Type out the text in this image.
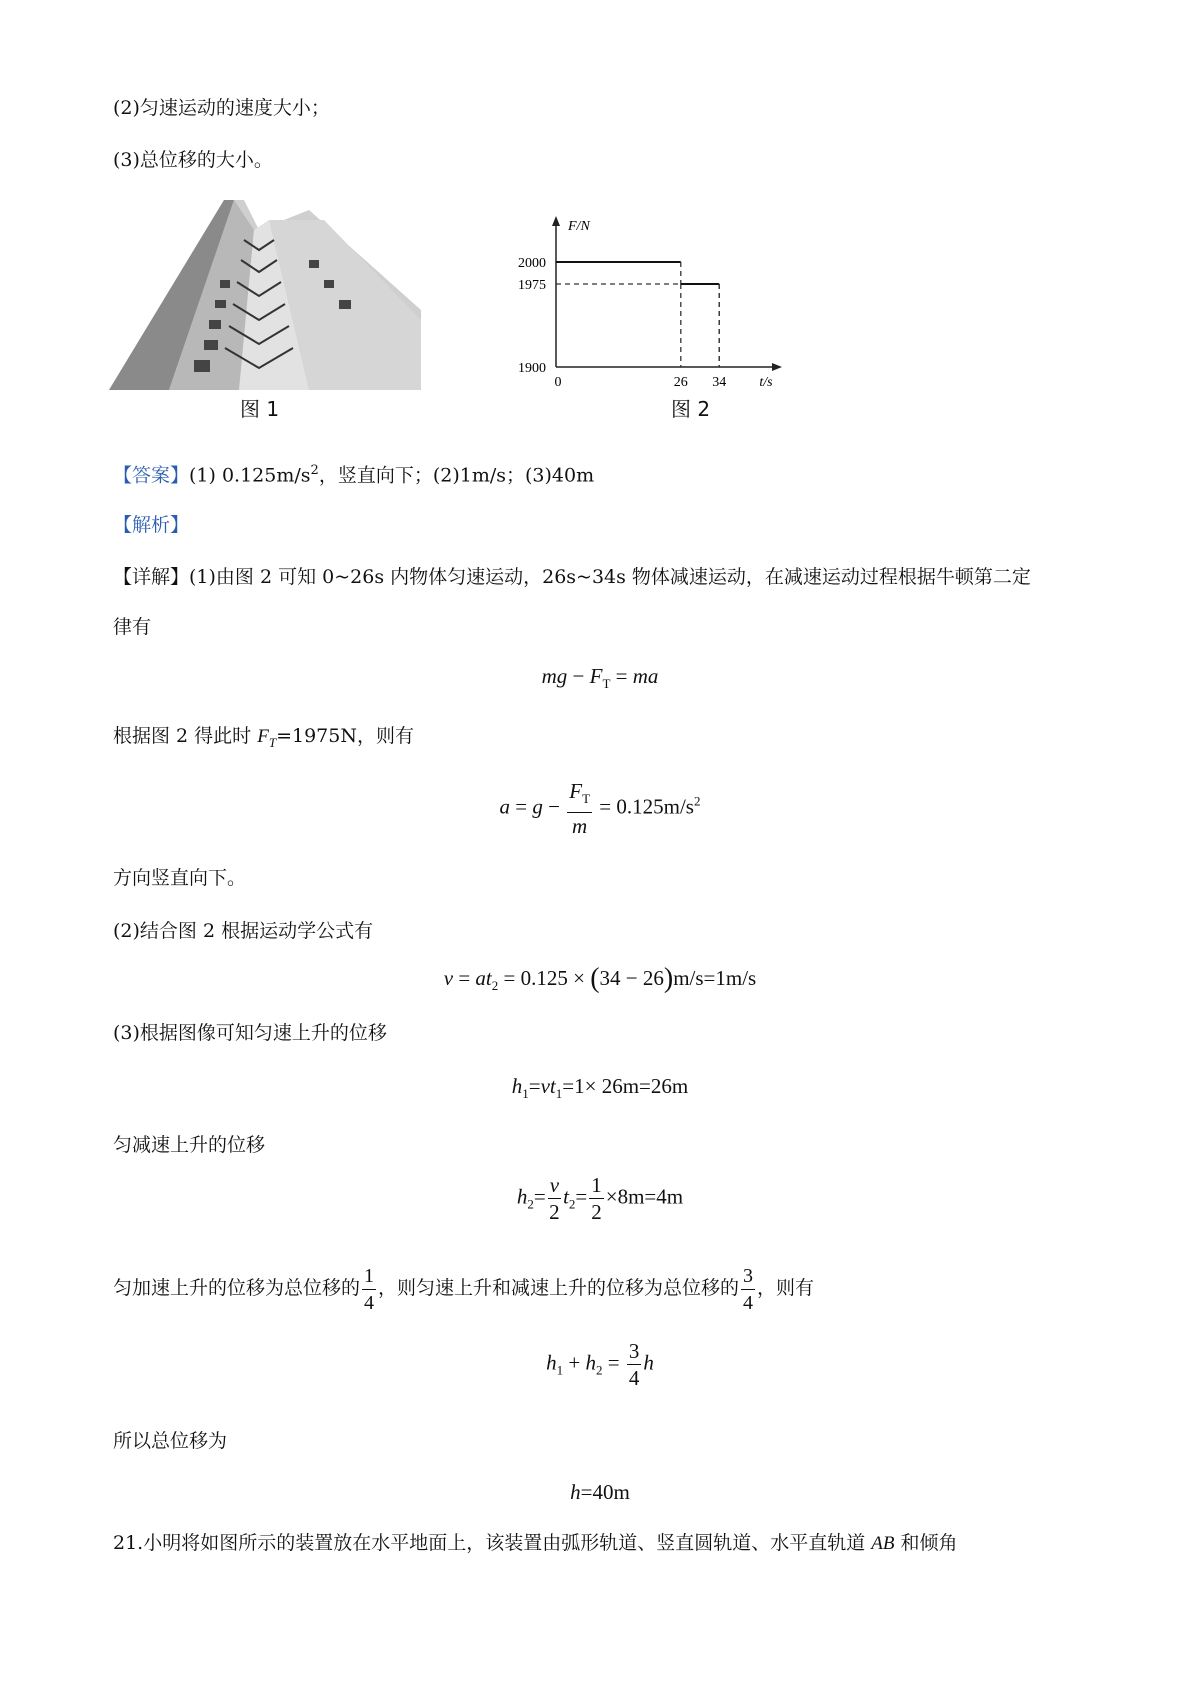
(2)匀速运动的速度大小；
(3)总位移的大小。
图 1
2000
1975
1900
0	26 34
F/N
t/s
图 2
【答案】(1) $0.125m/s^2$，竖直向下；(2)1m/s；(3)40m
【解析】
【详解】(1)由图 2 可知 0~26s 内物体匀速运动，26s~34s 物体减速运动，在减速运动过程根据牛顿第二定
律有
mg − $F_T$ = ma
根据图 2 得此时 $F_T=1975N$，则有
$a = g - \frac{F_T}{m} = 0.125m/s^2$
方向竖直向下。
(2)结合图 2 根据运动学公式有
$v = at_2 = 0.125 \times (34 - 26)m/s=1m/s$
(3)根据图像可知匀速上升的位移
$h_1=vt_1=1\times 26m=26m$
匀减速上升的位移
$h_2= \frac{v}{2} t_2= \frac{1}{2} \times 8m=4m$
匀加速上升的位移为总位移的 $\frac{1}{4}$ ，则匀速上升和减速上升的位移为总位移的 $\frac{3}{4}$ ，则有
$h_1 + h_2 = \frac{3}{4}$ h
所以总位移为
h=40m
21.小明将如图所示的装置放在水平地面上，该装置由弧形轨道、竖直圆轨道、水平直轨道 AB 和倾角
